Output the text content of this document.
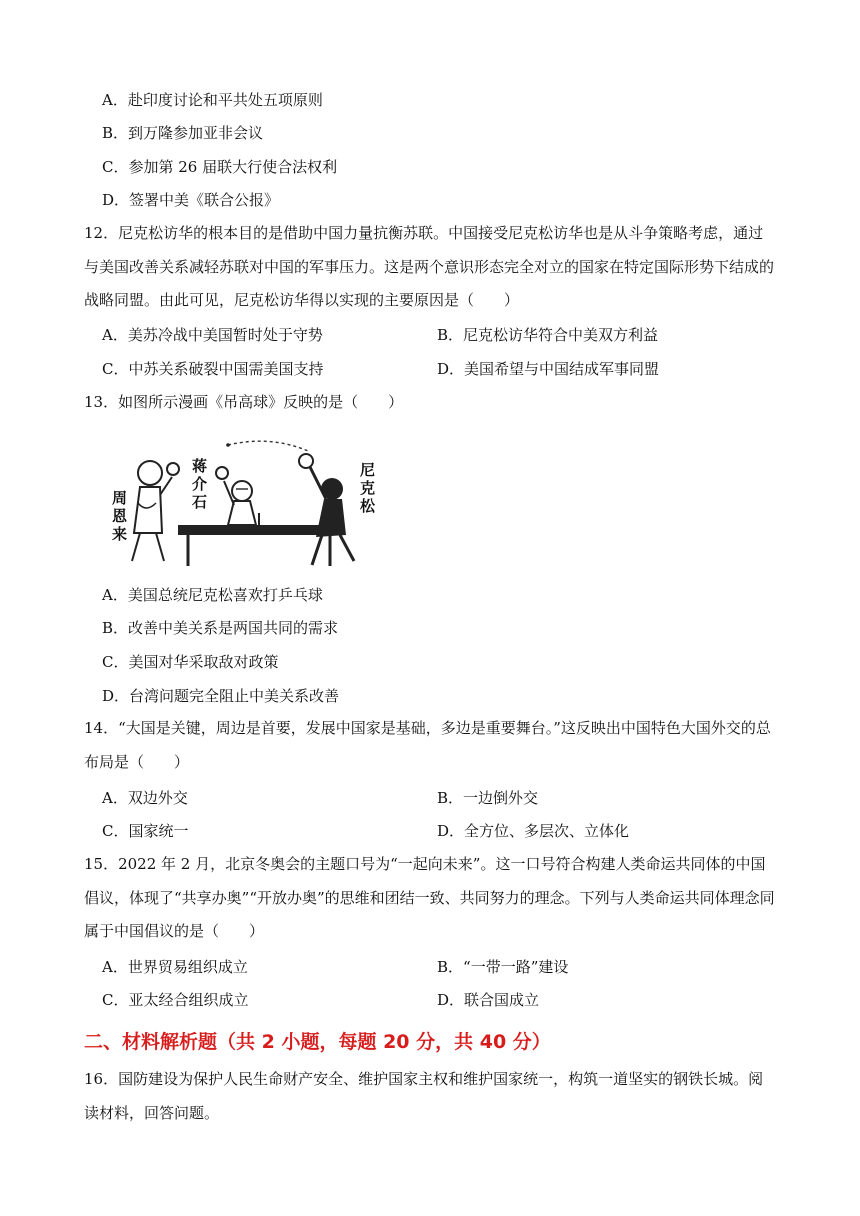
A．赴印度讨论和平共处五项原则
B．到万隆参加亚非会议
C．参加第 26 届联大行使合法权利
D．签署中美《联合公报》
12．尼克松访华的根本目的是借助中国力量抗衡苏联。中国接受尼克松访华也是从斗争策略考虑，通过与美国改善关系减轻苏联对中国的军事压力。这是两个意识形态完全对立的国家在特定国际形势下结成的战略同盟。由此可见，尼克松访华得以实现的主要原因是（　　）
A．美苏冷战中美国暂时处于守势	B．尼克松访华符合中美双方利益
C．中苏关系破裂中国需美国支持	D．美国希望与中国结成军事同盟
13．如图所示漫画《吊高球》反映的是（　　）
周
恩
来
蒋
介
石
尼
克
松
A．美国总统尼克松喜欢打乒乓球
B．改善中美关系是两国共同的需求
C．美国对华采取敌对政策
D．台湾问题完全阻止中美关系改善
14．“大国是关键，周边是首要，发展中国家是基础，多边是重要舞台。”这反映出中国特色大国外交的总布局是（　　）
A．双边外交	B．一边倒外交
C．国家统一	D．全方位、多层次、立体化
15．2022 年 2 月，北京冬奥会的主题口号为“一起向未来”。这一口号符合构建人类命运共同体的中国倡议，体现了“共享办奥”“开放办奥”的思维和团结一致、共同努力的理念。下列与人类命运共同体理念同属于中国倡议的是（　　）
A．世界贸易组织成立	B．“一带一路”建设
C．亚太经合组织成立	D．联合国成立
二、材料解析题（共 2 小题，每题 20 分，共 40 分）
16．国防建设为保护人民生命财产安全、维护国家主权和维护国家统一，构筑一道坚实的钢铁长城。阅读材料，回答问题。
